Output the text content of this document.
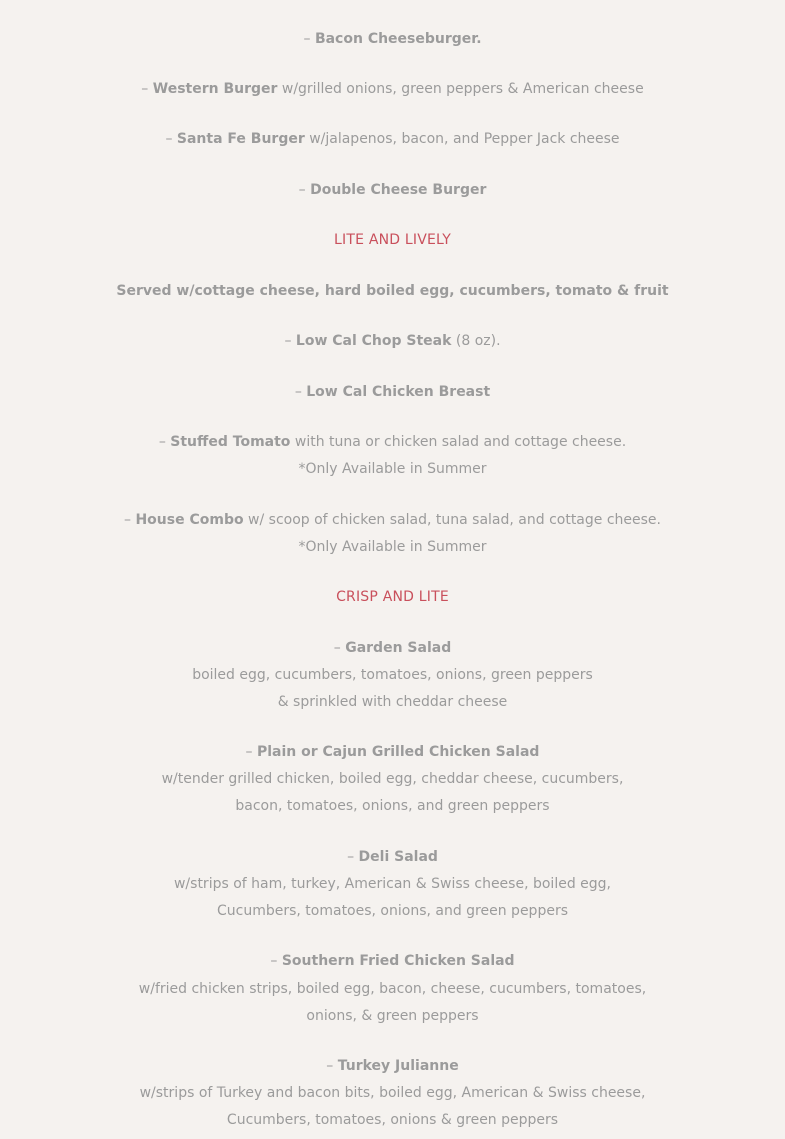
– Bacon Cheeseburger.
– Western Burger w/grilled onions, green peppers & American cheese
– Santa Fe Burger w/jalapenos, bacon, and Pepper Jack cheese
– Double Cheese Burger
LITE AND LIVELY
Served w/cottage cheese, hard boiled egg, cucumbers, tomato & fruit
– Low Cal Chop Steak (8 oz).
– Low Cal Chicken Breast
– Stuffed Tomato with tuna or chicken salad and cottage cheese.
*Only Available in Summer
– House Combo w/ scoop of chicken salad, tuna salad, and cottage cheese.
*Only Available in Summer
CRISP AND LITE
– Garden Salad
boiled egg, cucumbers, tomatoes, onions, green peppers
& sprinkled with cheddar cheese
– Plain or Cajun Grilled Chicken Salad
w/tender grilled chicken, boiled egg, cheddar cheese, cucumbers,
bacon, tomatoes, onions, and green peppers
– Deli Salad
w/strips of ham, turkey, American & Swiss cheese, boiled egg,
Cucumbers, tomatoes, onions, and green peppers
– Southern Fried Chicken Salad
w/fried chicken strips, boiled egg, bacon, cheese, cucumbers, tomatoes,
onions, & green peppers
– Turkey Julianne
w/strips of Turkey and bacon bits, boiled egg, American & Swiss cheese,
Cucumbers, tomatoes, onions & green peppers
